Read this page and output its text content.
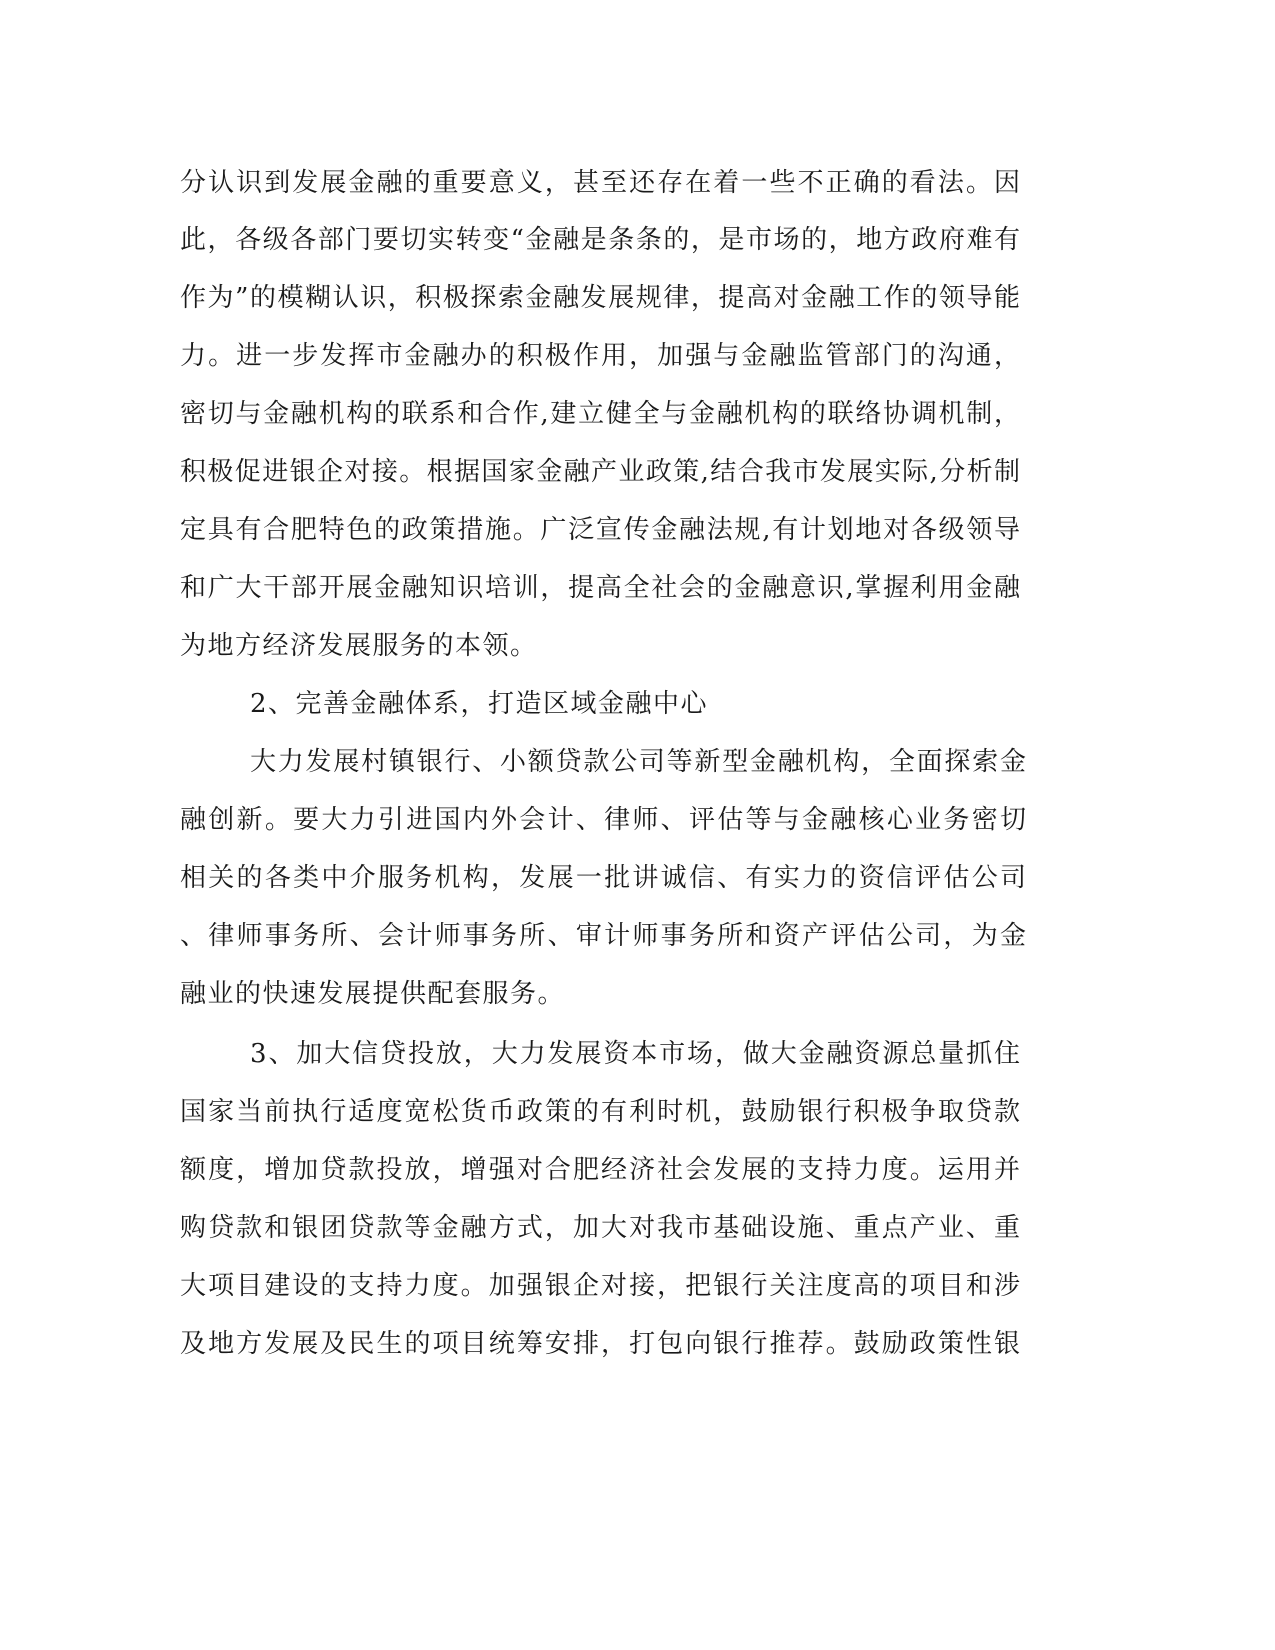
分认识到发展金融的重要意义，甚至还存在着一些不正确的看法。因

此，各级各部门要切实转变“金融是条条的，是市场的，地方政府难有

作为”的模糊认识，积极探索金融发展规律，提高对金融工作的领导能

力。进一步发挥市金融办的积极作用，加强与金融监管部门的沟通，

密切与金融机构的联系和合作,建立健全与金融机构的联络协调机制，

积极促进银企对接。根据国家金融产业政策,结合我市发展实际,分析制

定具有合肥特色的政策措施。广泛宣传金融法规,有计划地对各级领导

和广大干部开展金融知识培训，提高全社会的金融意识,掌握利用金融

为地方经济发展服务的本领。

2、完善金融体系，打造区域金融中心

大力发展村镇银行、小额贷款公司等新型金融机构，全面探索金

融创新。要大力引进国内外会计、律师、评估等与金融核心业务密切

相关的各类中介服务机构，发展一批讲诚信、有实力的资信评估公司

、律师事务所、会计师事务所、审计师事务所和资产评估公司，为金

融业的快速发展提供配套服务。

3、加大信贷投放，大力发展资本市场，做大金融资源总量抓住

国家当前执行适度宽松货币政策的有利时机，鼓励银行积极争取贷款

额度，增加贷款投放，增强对合肥经济社会发展的支持力度。运用并

购贷款和银团贷款等金融方式，加大对我市基础设施、重点产业、重

大项目建设的支持力度。加强银企对接，把银行关注度高的项目和涉

及地方发展及民生的项目统筹安排，打包向银行推荐。鼓励政策性银
